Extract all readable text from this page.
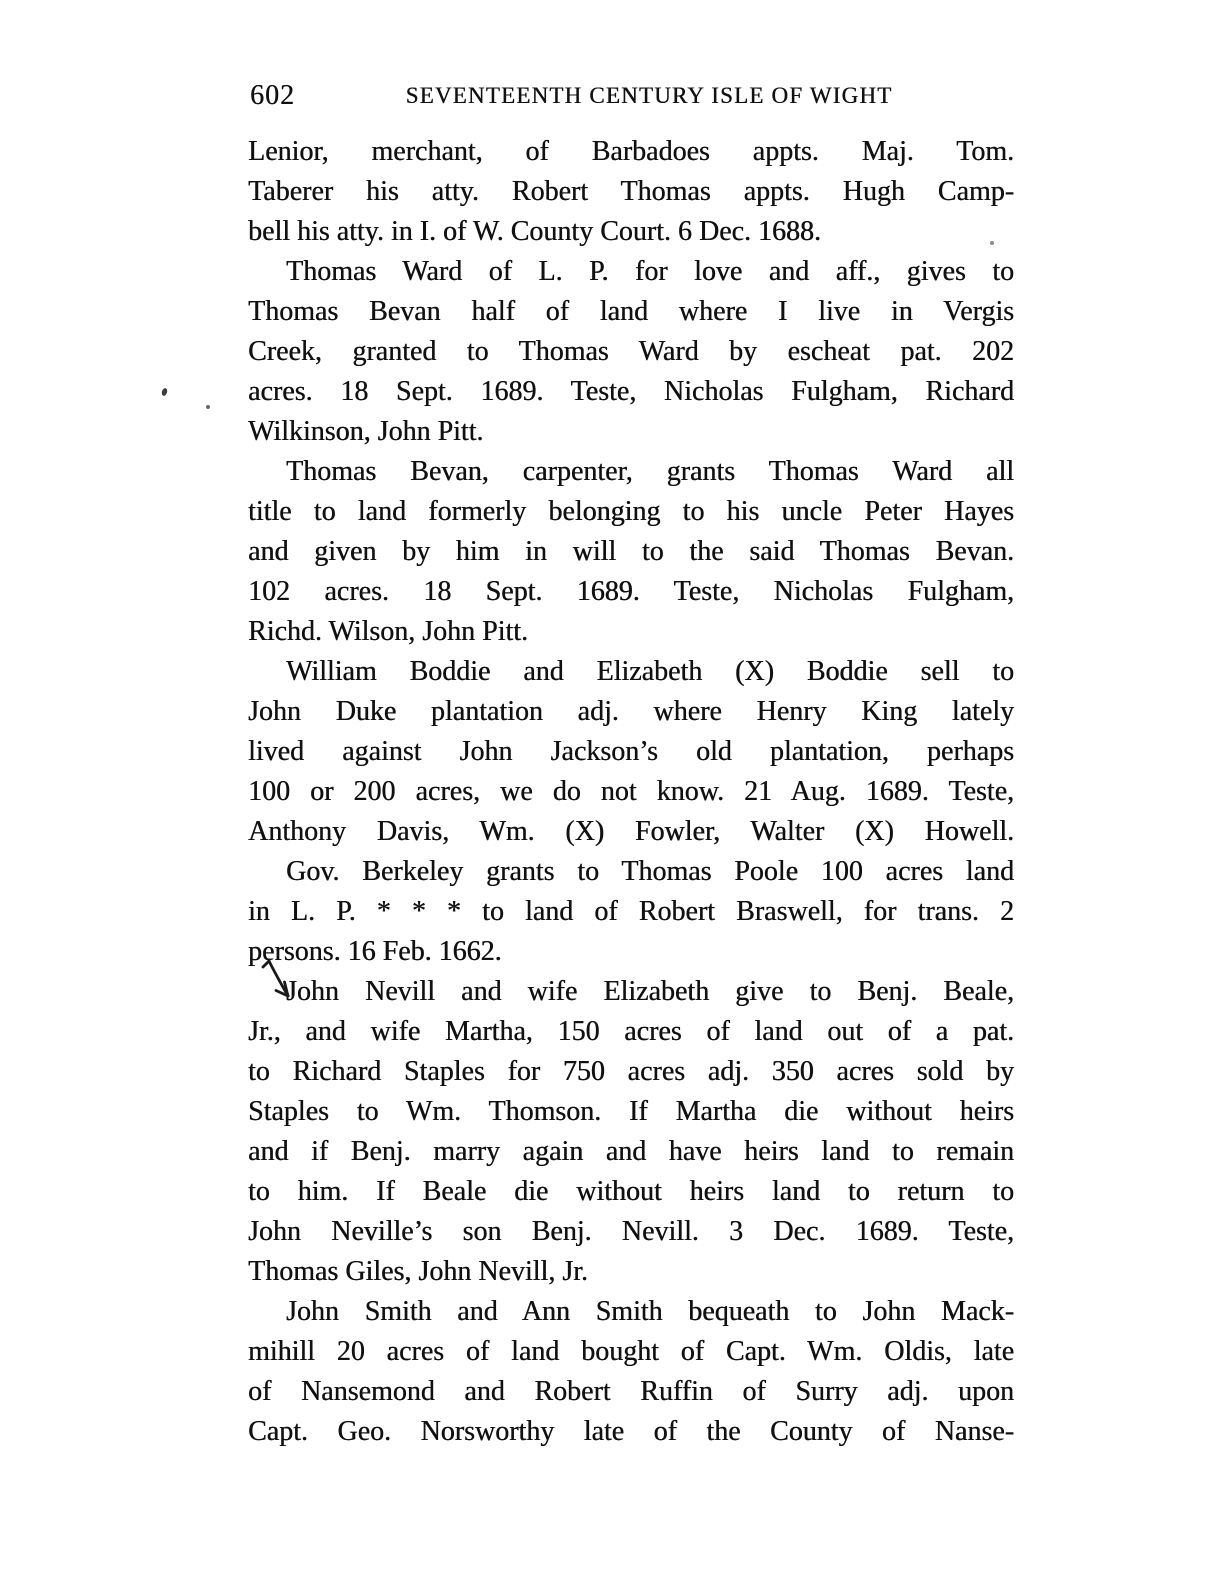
602	SEVENTEENTH CENTURY ISLE OF WIGHT
Lenior, merchant, of Barbadoes appts. Maj. Tom.
Taberer his atty. Robert Thomas appts. Hugh Camp-
bell his atty. in I. of W. County Court. 6 Dec. 1688.
Thomas Ward of L. P. for love and aff., gives to
Thomas Bevan half of land where I live in Vergis
Creek, granted to Thomas Ward by escheat pat. 202
acres. 18 Sept. 1689. Teste, Nicholas Fulgham, Richard
Wilkinson, John Pitt.
Thomas Bevan, carpenter, grants Thomas Ward all
title to land formerly belonging to his uncle Peter Hayes
and given by him in will to the said Thomas Bevan.
102 acres. 18 Sept. 1689. Teste, Nicholas Fulgham,
Richd. Wilson, John Pitt.
William Boddie and Elizabeth (X) Boddie sell to
John Duke plantation adj. where Henry King lately
lived against John Jackson’s old plantation, perhaps
100 or 200 acres, we do not know. 21 Aug. 1689. Teste,
Anthony Davis, Wm. (X) Fowler, Walter (X) Howell.
Gov. Berkeley grants to Thomas Poole 100 acres land
in L. P. * * * to land of Robert Braswell, for trans. 2
persons. 16 Feb. 1662.
John Nevill and wife Elizabeth give to Benj. Beale,
Jr., and wife Martha, 150 acres of land out of a pat.
to Richard Staples for 750 acres adj. 350 acres sold by
Staples to Wm. Thomson. If Martha die without heirs
and if Benj. marry again and have heirs land to remain
to him. If Beale die without heirs land to return to
John Neville’s son Benj. Nevill. 3 Dec. 1689. Teste,
Thomas Giles, John Nevill, Jr.
John Smith and Ann Smith bequeath to John Mack-
mihill 20 acres of land bought of Capt. Wm. Oldis, late
of Nansemond and Robert Ruffin of Surry adj. upon
Capt. Geo. Norsworthy late of the County of Nanse-
